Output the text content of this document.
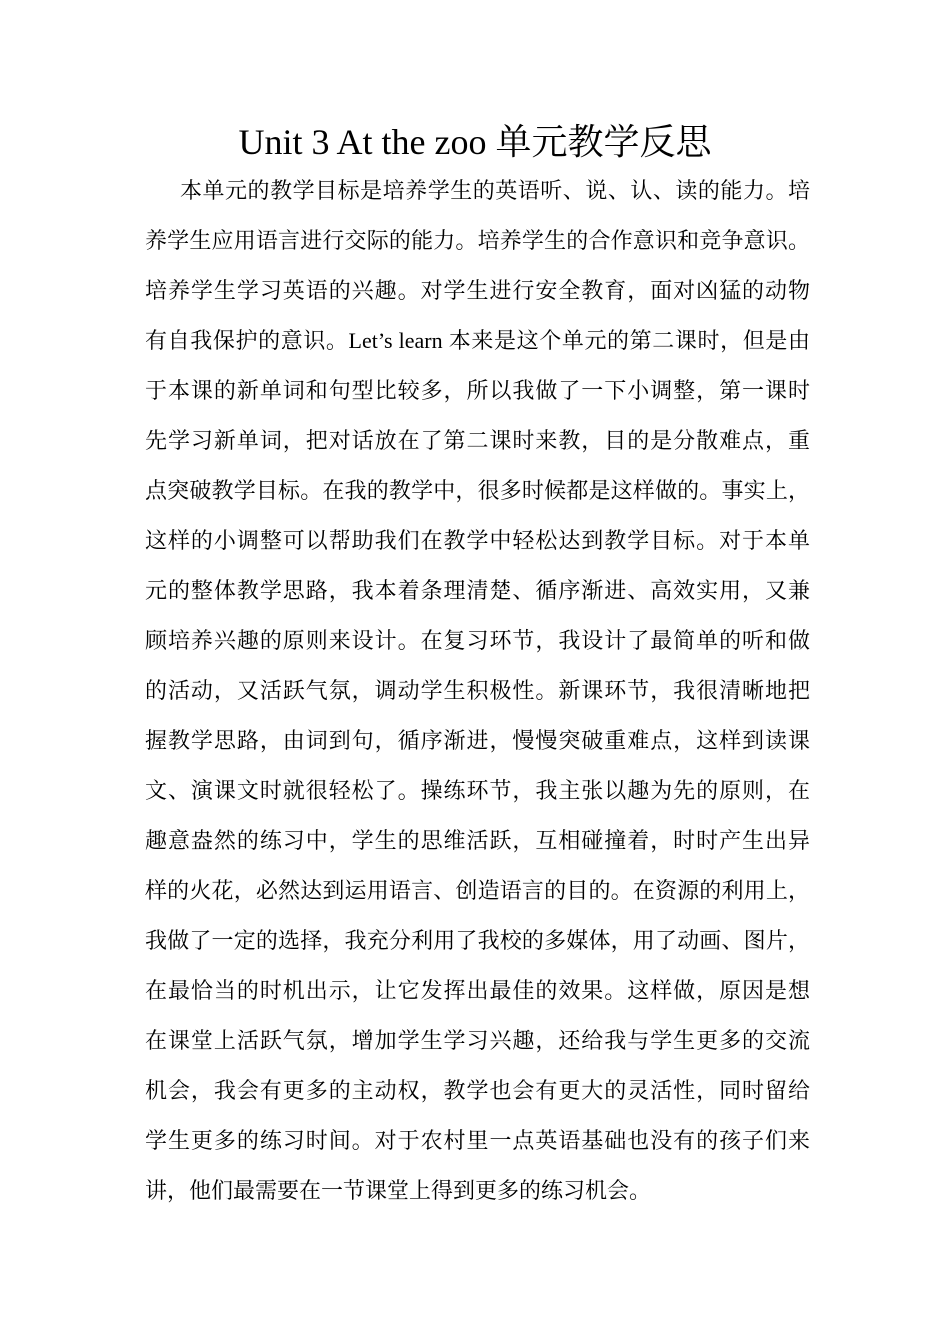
Unit 3 At the zoo 单元教学反思
本单元的教学目标是培养学生的英语听、说、认、读的能力。培
养学生应用语言进行交际的能力。培养学生的合作意识和竞争意识。
培养学生学习英语的兴趣。对学生进行安全教育，面对凶猛的动物
有自我保护的意识。Let’s learn 本来是这个单元的第二课时，但是由
于本课的新单词和句型比较多，所以我做了一下小调整，第一课时
先学习新单词，把对话放在了第二课时来教，目的是分散难点，重
点突破教学目标。在我的教学中，很多时候都是这样做的。事实上，
这样的小调整可以帮助我们在教学中轻松达到教学目标。对于本单
元的整体教学思路，我本着条理清楚、循序渐进、高效实用，又兼
顾培养兴趣的原则来设计。在复习环节，我设计了最简单的听和做
的活动，又活跃气氛，调动学生积极性。新课环节，我很清晰地把
握教学思路，由词到句，循序渐进，慢慢突破重难点，这样到读课
文、演课文时就很轻松了。操练环节，我主张以趣为先的原则，在
趣意盎然的练习中，学生的思维活跃，互相碰撞着，时时产生出异
样的火花，必然达到运用语言、创造语言的目的。在资源的利用上，
我做了一定的选择，我充分利用了我校的多媒体，用了动画、图片，
在最恰当的时机出示，让它发挥出最佳的效果。这样做，原因是想
在课堂上活跃气氛，增加学生学习兴趣，还给我与学生更多的交流
机会，我会有更多的主动权，教学也会有更大的灵活性，同时留给
学生更多的练习时间。对于农村里一点英语基础也没有的孩子们来
讲，他们最需要在一节课堂上得到更多的练习机会。
